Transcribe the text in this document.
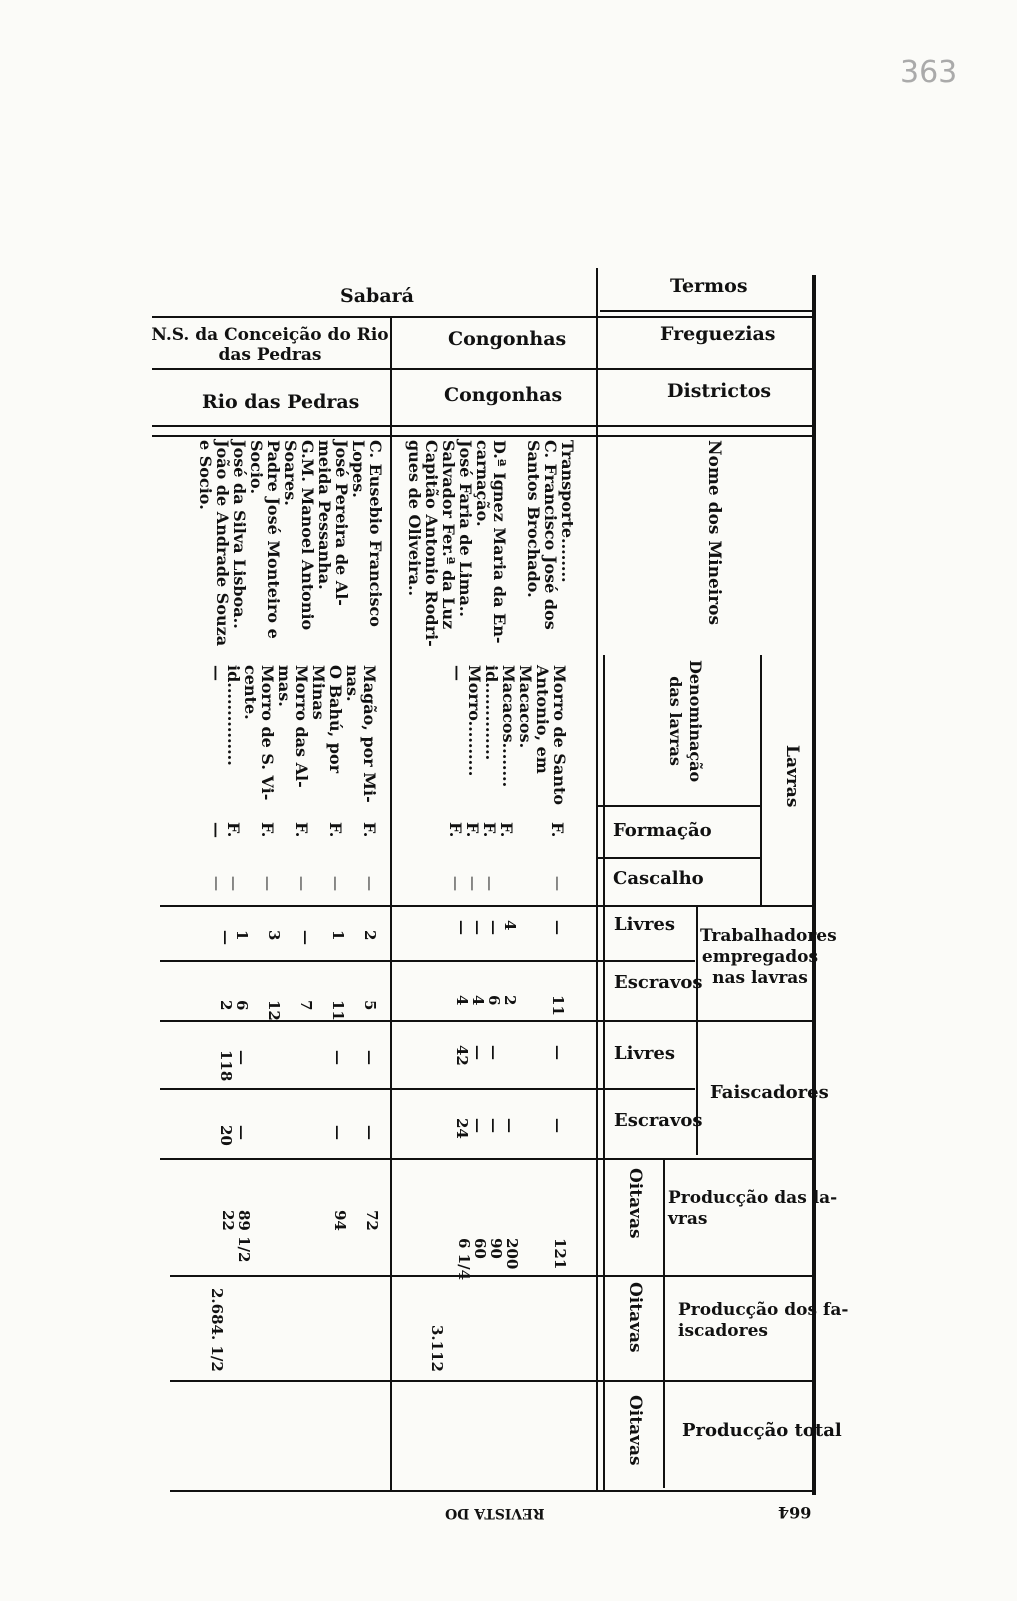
363
Termos
Freguezias
Districtos
Sabará
N.S. da Conceição do Rio
das Pedras
Congonhas
Rio das Pedras	Congonhas
Nome dos Mineiros
Lavras
Denominação
das lavras
Formação
Cascalho
Livres
Escravos
Trabalhadores
empregados
nas lavras
Livres
Escravos
Faiscadores
Oitavas Producção das la-
vras
Oitavas Producção dos fa-
iscadores
Oitavas Producção total
Transporte........
C. Francisco José dos
Santos Brochado.

D.ª Ignez Maria da En-
carnação.
José Faria de Lima..
Salvador Fer.ª da Luz
Capitão Antonio Rodri-
gues de Oliveira..
C. Eusebio Francisco
Lopes.
José Pereira de Al-
meida Pessanha.
G.M. Manoel Antonio
Soares.
Padre José Monteiro e
Socio.
José da Silva Lisboa..
João de Andrade Souza
e Socio.
Morro de Santo
Antonio, em
Macacos.
Macacos........
id..............
Morro..........
—
Magão, por Mi-
nas.
O Bahú, por
Minas
Morro das Al-
mas.
Morro de S. Vi-
cente.
id...............
—
F.

F.
F.
F.
F.
F.

F.

F.

F.

F.
—
—

—
—
—
—

—

—

—

—
—
—

4
—
—
—
2

1

—

3

1
—
11

2
6
4
4
5

11

7

12

6
2
—

—
—
42
—

—

—
118
—

—
—
—
24
—

—

—
20
121

200
90
60
6 1/4
72

94

89 1/2
22
3.112
2.684. 1/2
REVISTA DO	664
